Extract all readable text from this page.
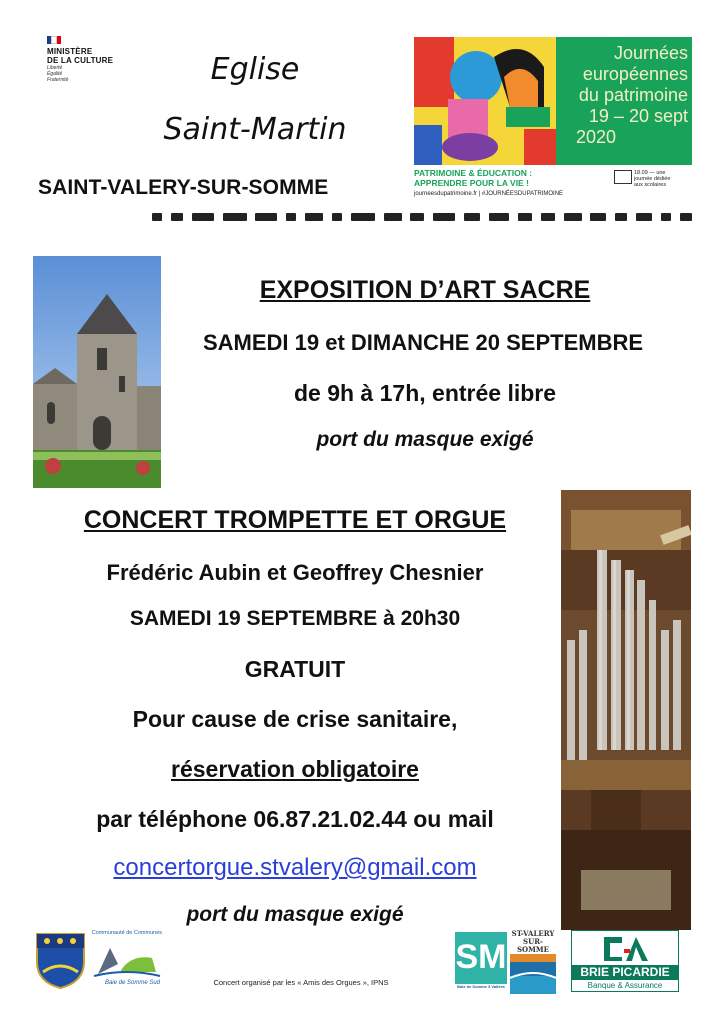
MINISTÈRE
DE LA CULTURE
Liberté
Égalité
Fraternité	Eglise
Saint-Martin
SAINT-VALERY-SUR-SOMME
Journées
européennes
du patrimoine
19 – 20 sept
2020
PATRIMOINE & ÉDUCATION :
APPRENDRE POUR LA VIE !
journeesdupatrimoine.fr | #JOURNÉESDUPATRIMOINE
18.09 — une journée dédiée aux scolaires
EXPOSITION D’ART SACRE
SAMEDI 19 et DIMANCHE 20 SEPTEMBRE
de 9h à 17h, entrée libre
port du masque exigé
CONCERT TROMPETTE ET ORGUE
Frédéric Aubin et Geoffrey Chesnier
SAMEDI 19 SEPTEMBRE à 20h30
GRATUIT
Pour cause de crise sanitaire,
réservation obligatoire
par téléphone 06.87.21.02.44 ou mail
concertorgue.stvalery@gmail.com
port du masque exigé
Communauté de Communes
Baie de Somme Sud	Concert organisé par les « Amis des Orgues », IPNS
SM
Baie de Somme 3 Vallées
ST-VALERY
SUR-SOMME
BRIE PICARDIE
Banque & Assurance
